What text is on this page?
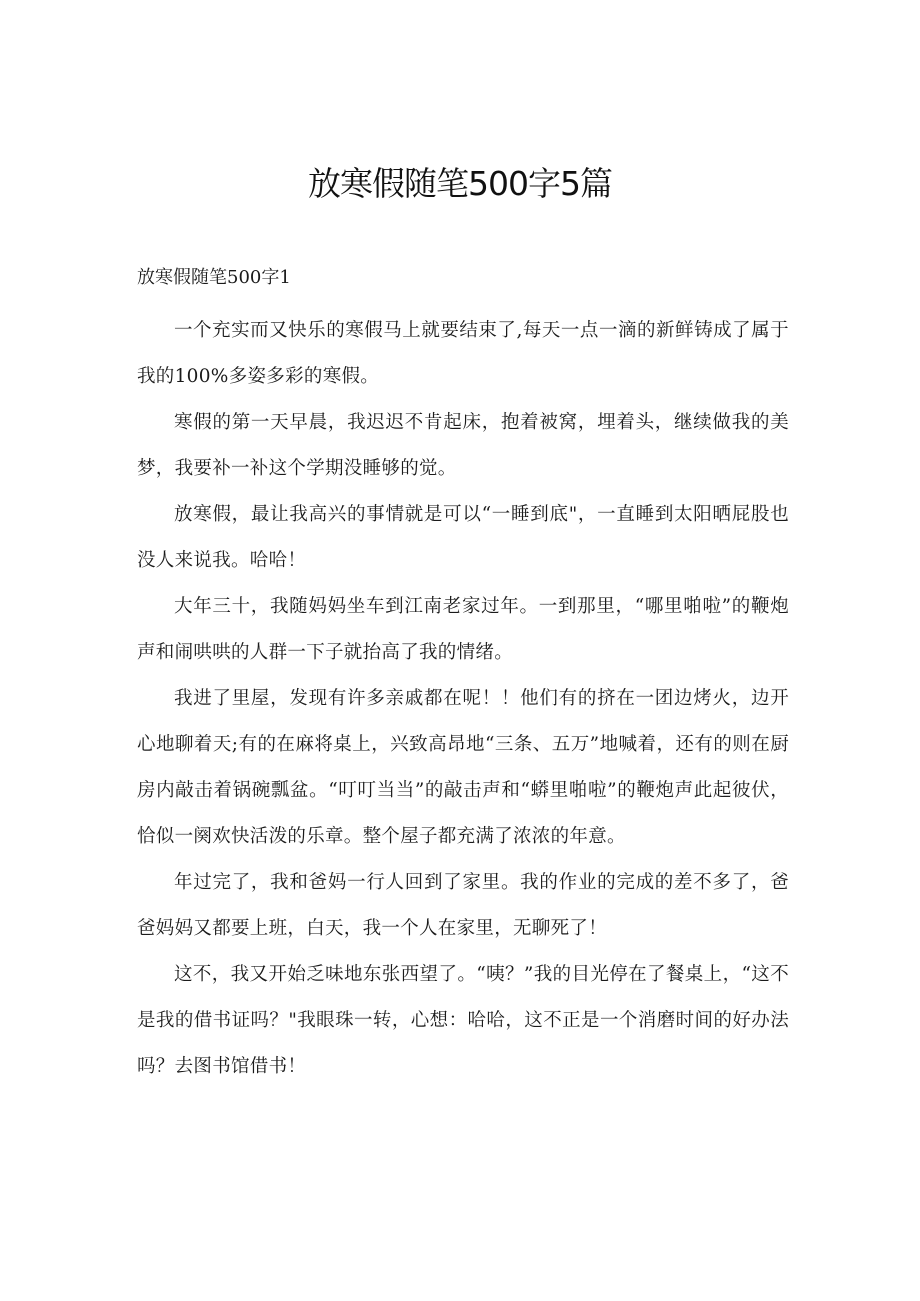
放寒假随笔500字5篇
放寒假随笔500字1

一个充实而又快乐的寒假马上就要结束了,每天一点一滴的新鲜铸成了属于我的100%多姿多彩的寒假。

寒假的第一天早晨，我迟迟不肯起床，抱着被窝，埋着头，继续做我的美梦，我要补一补这个学期没睡够的觉。

放寒假，最让我高兴的事情就是可以“一睡到底"，一直睡到太阳晒屁股也没人来说我。哈哈！

大年三十，我随妈妈坐车到江南老家过年。一到那里，“哪里啪啦”的鞭炮声和闹哄哄的人群一下子就抬高了我的情绪。

我进了里屋，发现有许多亲戚都在呢！！他们有的挤在一团边烤火，边开心地聊着天;有的在麻将桌上，兴致高昂地“三条、五万”地喊着，还有的则在厨房内敲击着锅碗瓢盆。“叮叮当当”的敲击声和“蟒里啪啦”的鞭炮声此起彼伏，恰似一阕欢快活泼的乐章。整个屋子都充满了浓浓的年意。

年过完了，我和爸妈一行人回到了家里。我的作业的完成的差不多了，爸爸妈妈又都要上班，白天，我一个人在家里，无聊死了！

这不，我又开始乏味地东张西望了。“咦？”我的目光停在了餐桌上，“这不是我的借书证吗？"我眼珠一转，心想：哈哈，这不正是一个消磨时间的好办法吗？去图书馆借书！
